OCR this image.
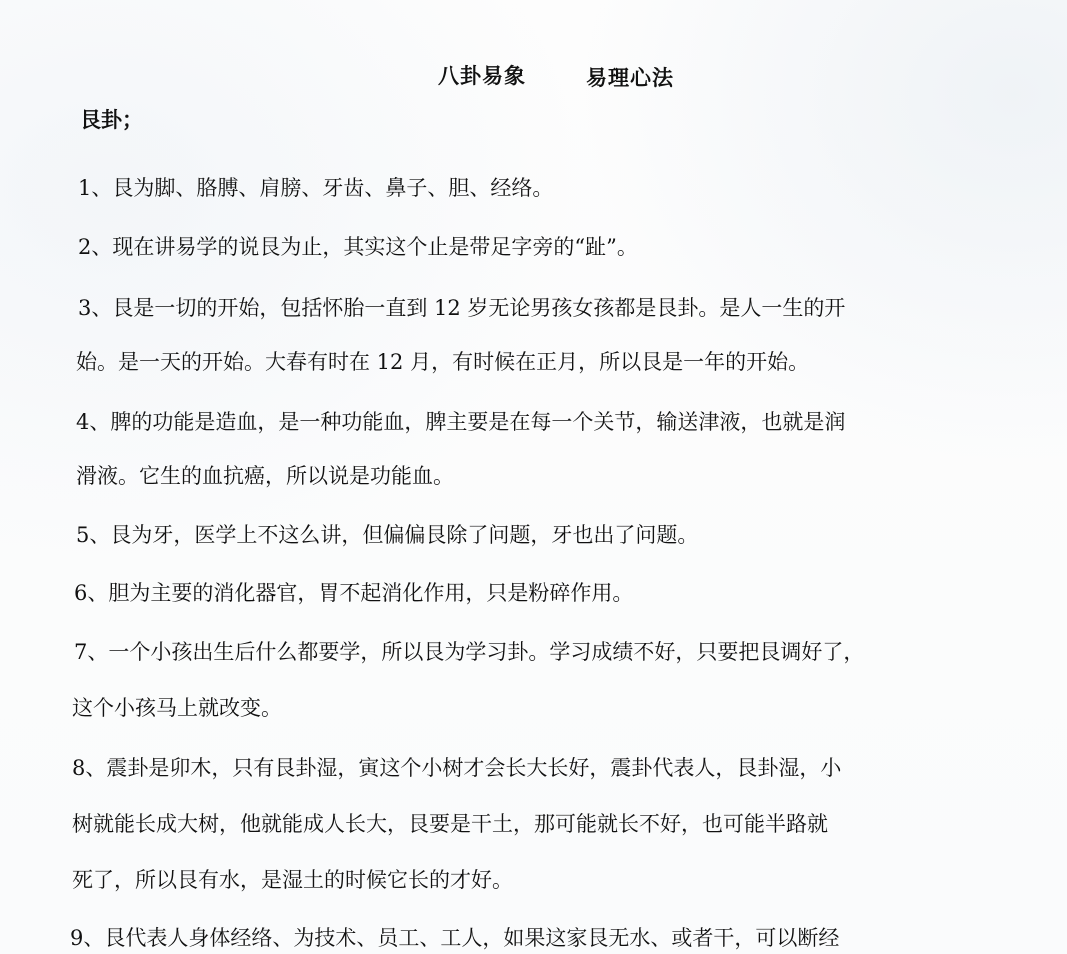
八卦易象	易理心法
艮卦；
1、艮为脚、胳膊、肩膀、牙齿、鼻子、胆、经络。
2、现在讲易学的说艮为止，其实这个止是带足字旁的“趾”。
3、艮是一切的开始，包括怀胎一直到 12 岁无论男孩女孩都是艮卦。是人一生的开
始。是一天的开始。大春有时在 12 月，有时候在正月，所以艮是一年的开始。
4、脾的功能是造血，是一种功能血，脾主要是在每一个关节，输送津液，也就是润
滑液。它生的血抗癌，所以说是功能血。
5、艮为牙，医学上不这么讲，但偏偏艮除了问题，牙也出了问题。
6、胆为主要的消化器官，胃不起消化作用，只是粉碎作用。
7、一个小孩出生后什么都要学，所以艮为学习卦。学习成绩不好，只要把艮调好了，
这个小孩马上就改变。
8、震卦是卯木，只有艮卦湿，寅这个小树才会长大长好，震卦代表人，艮卦湿，小
树就能长成大树，他就能成人长大，艮要是干土，那可能就长不好，也可能半路就
死了，所以艮有水，是湿土的时候它长的才好。
9、艮代表人身体经络、为技术、员工、工人，如果这家艮无水、或者干，可以断经
